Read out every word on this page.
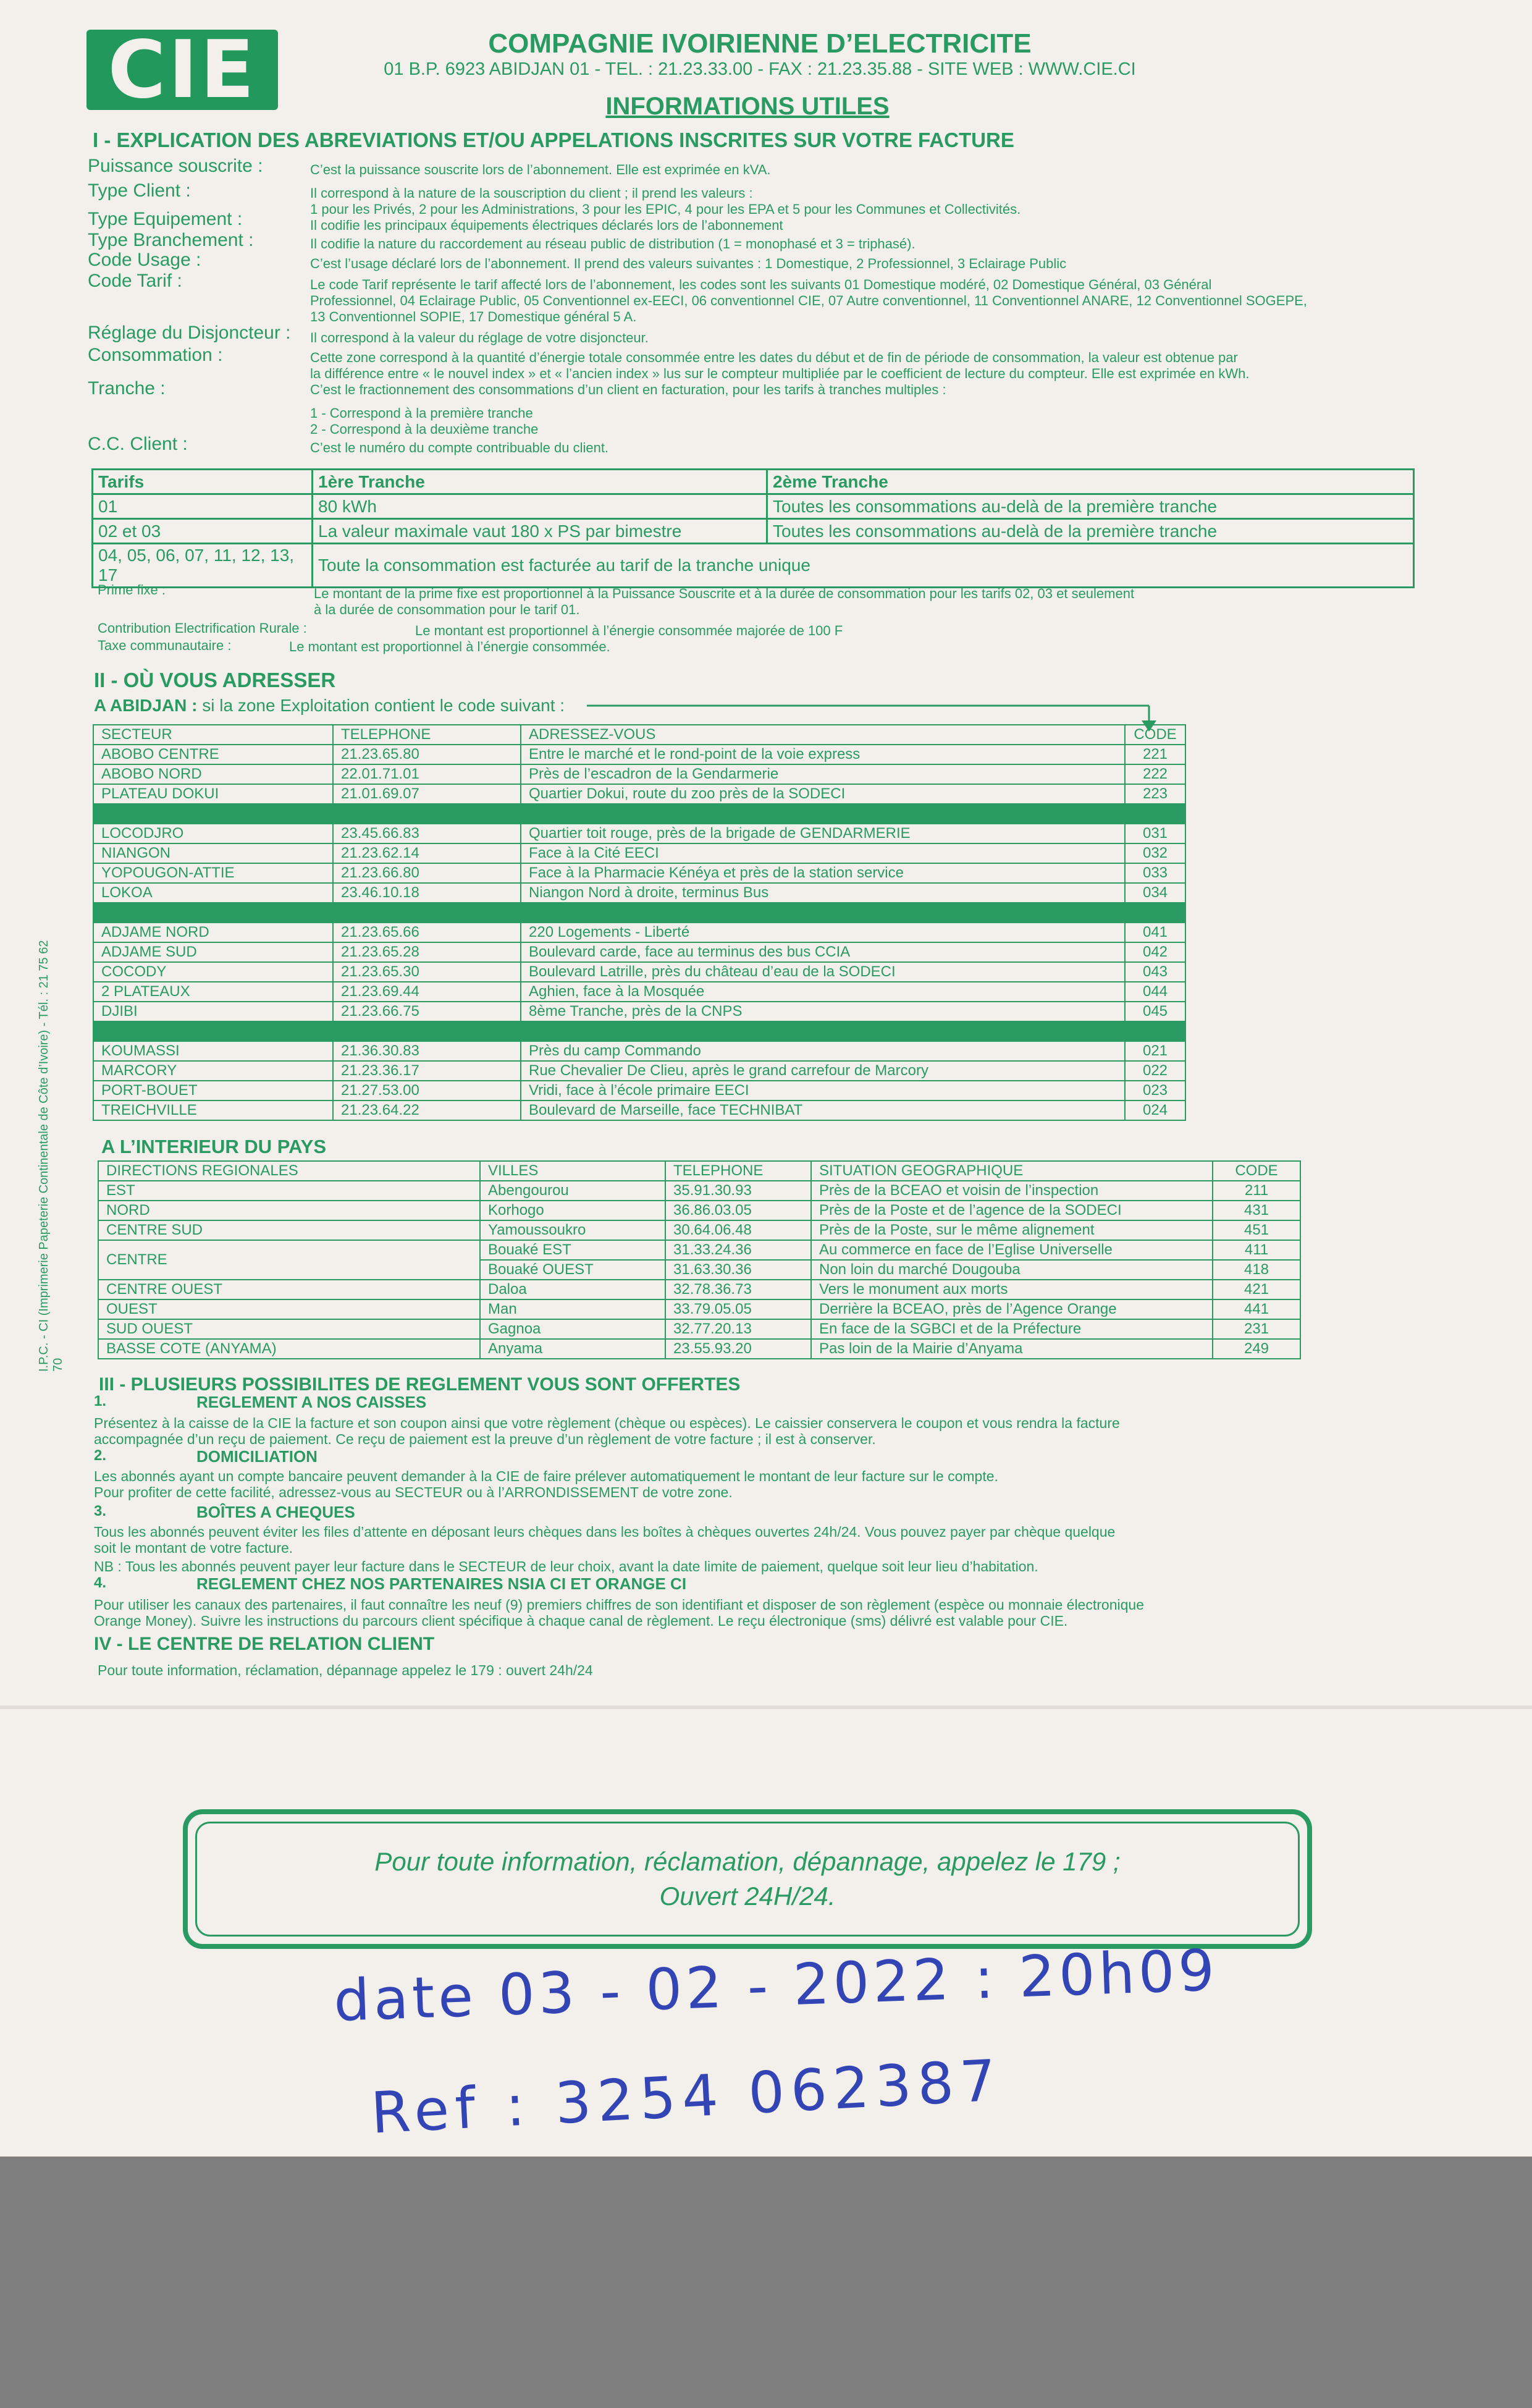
CIE	COMPAGNIE IVOIRIENNE D’ELECTRICITE
01 B.P. 6923 ABIDJAN 01 - TEL. : 21.23.33.00 - FAX : 21.23.35.88 - SITE WEB : WWW.CIE.CI
INFORMATIONS UTILES
I - EXPLICATION DES ABREVIATIONS ET/OU APPELATIONS INSCRITES SUR VOTRE FACTURE
Puissance souscrite :	C’est la puissance souscrite lors de l’abonnement. Elle est exprimée en kVA.
Type Client :	Il correspond à la nature de la souscription du client ; il prend les valeurs :
1 pour les Privés, 2 pour les Administrations, 3 pour les EPIC, 4 pour les EPA et 5 pour les Communes et Collectivités.
Type Equipement :	Il codifie les principaux équipements électriques déclarés lors de l’abonnement
Type Branchement :	Il codifie la nature du raccordement au réseau public de distribution (1 = monophasé et 3 = triphasé).
Code Usage :	C’est l’usage déclaré lors de l’abonnement. Il prend des valeurs suivantes : 1 Domestique, 2 Professionnel, 3 Eclairage Public
Code Tarif :	Le code Tarif représente le tarif affecté lors de l’abonnement, les codes sont les suivants 01 Domestique modéré, 02 Domestique Général, 03 Général
Professionnel, 04 Eclairage Public, 05 Conventionnel ex-EECI, 06 conventionnel CIE, 07 Autre conventionnel, 11 Conventionnel ANARE, 12 Conventionnel SOGEPE,
13 Conventionnel SOPIE, 17 Domestique général 5 A.
Réglage du Disjoncteur : Il correspond à la valeur du réglage de votre disjoncteur.
Consommation :	Cette zone correspond à la quantité d’énergie totale consommée entre les dates du début et de fin de période de consommation, la valeur est obtenue par
la différence entre « le nouvel index » et « l’ancien index » lus sur le compteur multipliée par le coefficient de lecture du compteur. Elle est exprimée en kWh.
Tranche :	C’est le fractionnement des consommations d’un client en facturation, pour les tarifs à tranches multiples :
1 - Correspond à la première tranche
2 - Correspond à la deuxième tranche
C.C. Client :	C’est le numéro du compte contribuable du client.
Tarifs	1ère Tranche	2ème Tranche
01	80 kWh	Toutes les consommations au-delà de la première tranche
02 et 03	La valeur maximale vaut 180 x PS par bimestre	Toutes les consommations au-delà de la première tranche
04, 05, 06, 07, 11, 12, 13, 17	Toute la consommation est facturée au tarif de la tranche unique	
Prime fixe :	Le montant de la prime fixe est proportionnel à la Puissance Souscrite et à la durée de consommation pour les tarifs 02, 03 et seulement
à la durée de consommation pour le tarif 01.
Contribution Electrification Rurale :	Le montant est proportionnel à l’énergie consommée majorée de 100 F
Taxe communautaire :	Le montant est proportionnel à l’énergie consommée.
II - OÙ VOUS ADRESSER
A ABIDJAN : si la zone Exploitation contient le code suivant :
SECTEUR	TELEPHONE	ADRESSEZ-VOUS	CODE
ABOBO CENTRE	21.23.65.80	Entre le marché et le rond-point de la voie express	221
ABOBO NORD	22.01.71.01	Près de l’escadron de la Gendarmerie	222
PLATEAU DOKUI	21.01.69.07	Quartier Dokui, route du zoo près de la SODECI	223

LOCODJRO	23.45.66.83	Quartier toit rouge, près de la brigade de GENDARMERIE	031
NIANGON	21.23.62.14	Face à la Cité EECI	032
YOPOUGON-ATTIE	21.23.66.80	Face à la Pharmacie Kénéya et près de la station service	033
LOKOA	23.46.10.18	Niangon Nord à droite, terminus Bus	034

ADJAME NORD	21.23.65.66	220 Logements - Liberté	041
ADJAME SUD	21.23.65.28	Boulevard carde, face au terminus des bus CCIA	042
COCODY	21.23.65.30	Boulevard Latrille, près du château d’eau de la SODECI	043
2 PLATEAUX	21.23.69.44	Aghien, face à la Mosquée	044
DJIBI	21.23.66.75	8ème Tranche, près de la CNPS	045

KOUMASSI	21.36.30.83	Près du camp Commando	021
MARCORY	21.23.36.17	Rue Chevalier De Clieu, après le grand carrefour de Marcory	022
PORT-BOUET	21.27.53.00	Vridi, face à l’école primaire EECI	023
TREICHVILLE	21.23.64.22	Boulevard de Marseille, face TECHNIBAT	024
A L’INTERIEUR DU PAYS
DIRECTIONS REGIONALES	VILLES	TELEPHONE	SITUATION GEOGRAPHIQUE	CODE
EST	Abengourou	35.91.30.93	Près de la BCEAO et voisin de l’inspection	211
NORD	Korhogo	36.86.03.05	Près de la Poste et de l’agence de la SODECI	431
CENTRE SUD	Yamoussoukro	30.64.06.48	Près de la Poste, sur le même alignement	451
CENTRE	Bouaké EST	31.33.24.36	Au commerce en face de l’Eglise Universelle	411
	Bouaké OUEST	31.63.30.36	Non loin du marché Dougouba	418
CENTRE OUEST	Daloa	32.78.36.73	Vers le monument aux morts	421
OUEST	Man	33.79.05.05	Derrière la BCEAO, près de l’Agence Orange	441
SUD OUEST	Gagnoa	32.77.20.13	En face de la SGBCI et de la Préfecture	231
BASSE COTE (ANYAMA)	Anyama	23.55.93.20	Pas loin de la Mairie d’Anyama	249
III - PLUSIEURS POSSIBILITES DE REGLEMENT VOUS SONT OFFERTES
1.	REGLEMENT A NOS CAISSES
Présentez à la caisse de la CIE la facture et son coupon ainsi que votre règlement (chèque ou espèces). Le caissier conservera le coupon et vous rendra la facture
accompagnée d’un reçu de paiement. Ce reçu de paiement est la preuve d’un règlement de votre facture ; il est à conserver.
2.	DOMICILIATION
Les abonnés ayant un compte bancaire peuvent demander à la CIE de faire prélever automatiquement le montant de leur facture sur le compte.
Pour profiter de cette facilité, adressez-vous au SECTEUR ou à l’ARRONDISSEMENT de votre zone.
3.	BOÎTES A CHEQUES
Tous les abonnés peuvent éviter les files d’attente en déposant leurs chèques dans les boîtes à chèques ouvertes 24h/24. Vous pouvez payer par chèque quelque
soit le montant de votre facture.
NB : Tous les abonnés peuvent payer leur facture dans le SECTEUR de leur choix, avant la date limite de paiement, quelque soit leur lieu d’habitation.
4.	REGLEMENT CHEZ NOS PARTENAIRES NSIA CI ET ORANGE CI
Pour utiliser les canaux des partenaires, il faut connaître les neuf (9) premiers chiffres de son identifiant et disposer de son règlement (espèce ou monnaie électronique
Orange Money). Suivre les instructions du parcours client spécifique à chaque canal de règlement. Le reçu électronique (sms) délivré est valable pour CIE.
IV - LE CENTRE DE RELATION CLIENT
Pour toute information, réclamation, dépannage appelez le 179 : ouvert 24h/24
Pour toute information, réclamation, dépannage, appelez le 179 ;
Ouvert 24H/24.
date 03 - 02 - 2022 : 20h09
Ref : 3254 062387
I.P.C. - CI (Imprimerie Papeterie Continentale de Côte d’Ivoire) - Tél. : 21 75 62 70
